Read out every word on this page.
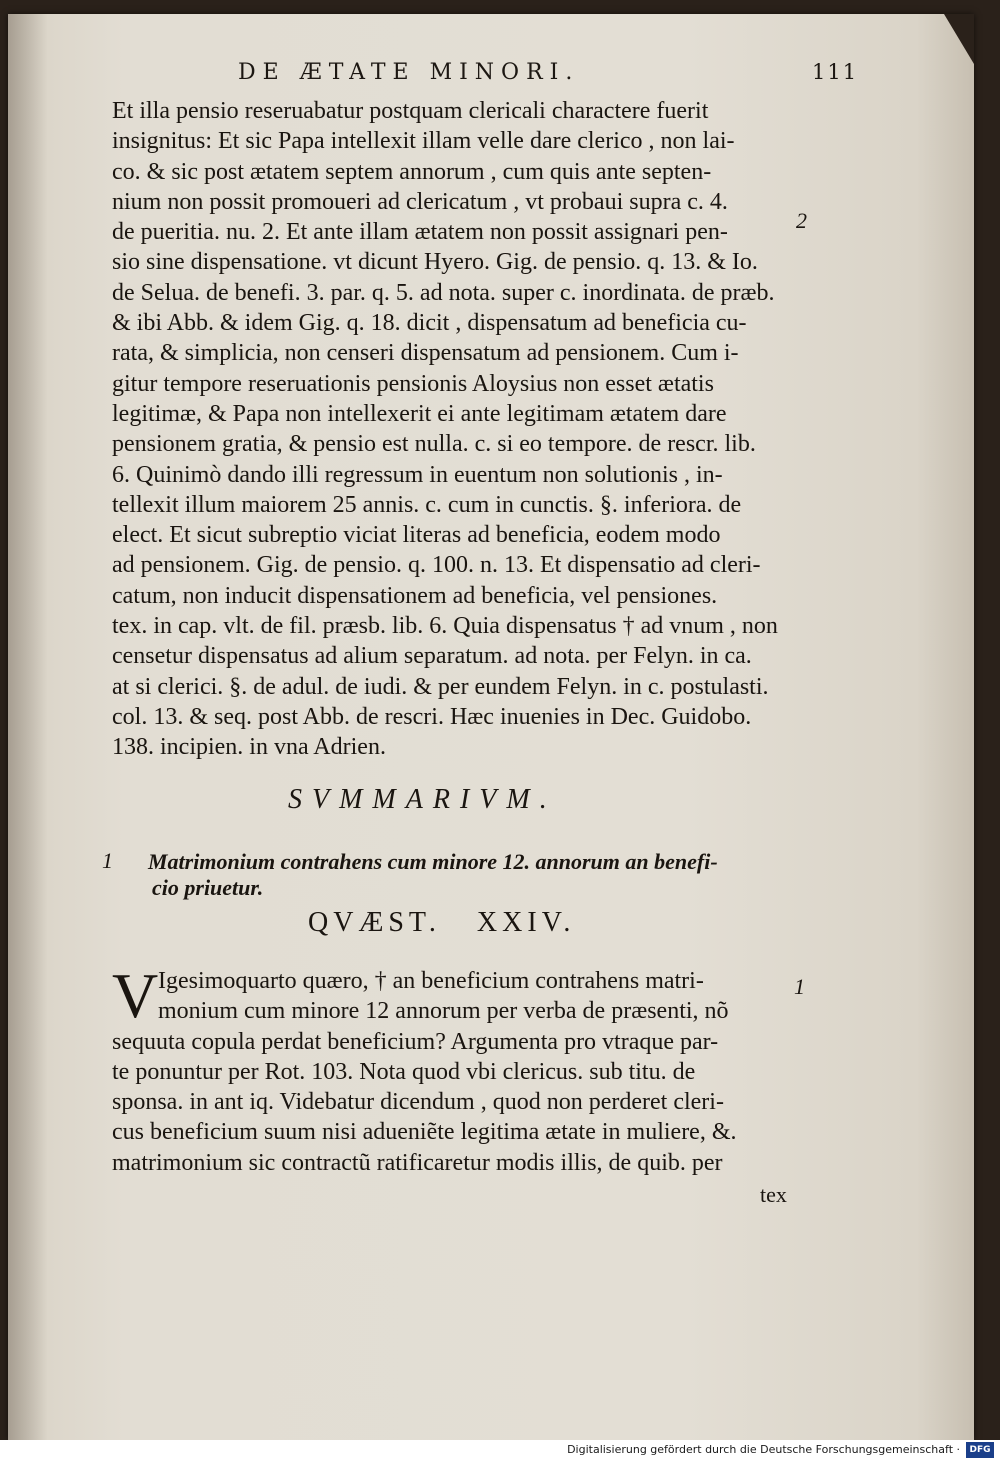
DE ÆTATE MINORI.	111
Et illa pensio reseruabatur postquam clericali charactere fuerit
insignitus: Et sic Papa intellexit illam velle dare clerico , non lai-
co. & sic post ætatem septem annorum , cum quis ante septen-
nium non possit promoueri ad clericatum , vt probaui supra c. 4.
de pueritia. nu. 2. Et ante illam ætatem non possit assignari pen-
sio sine dispensatione. vt dicunt Hyero. Gig. de pensio. q. 13. & Io.
de Selua. de benefi. 3. par. q. 5. ad nota. super c. inordinata. de præb.
& ibi Abb. & idem Gig. q. 18. dicit , dispensatum ad beneficia cu-
rata, & simplicia, non censeri dispensatum ad pensionem. Cum i-
gitur tempore reseruationis pensionis Aloysius non esset ætatis
legitimæ, & Papa non intellexerit ei ante legitimam ætatem dare
pensionem gratia, & pensio est nulla. c. si eo tempore. de rescr. lib.
6. Quinimò dando illi regressum in euentum non solutionis , in-
tellexit illum maiorem 25 annis. c. cum in cunctis. §. inferiora. de
elect. Et sicut subreptio viciat literas ad beneficia, eodem modo
ad pensionem. Gig. de pensio. q. 100. n. 13. Et dispensatio ad cleri-
catum, non inducit dispensationem ad beneficia, vel pensiones.
tex. in cap. vlt. de fil. præsb. lib. 6. Quia dispensatus † ad vnum , non
censetur dispensatus ad alium separatum. ad nota. per Felyn. in ca.
at si clerici. §. de adul. de iudi. & per eundem Felyn. in c. postulasti.
col. 13. & seq. post Abb. de rescri. Hæc inuenies in Dec. Guidobo.
138. incipien. in vna Adrien.
2
SVMMARIVM.
1 Matrimonium contrahens cum minore 12. annorum an benefi-
cio priuetur.
QVÆST.   XXIV.
V Igesimoquarto quæro, † an beneficium contrahens matri-
monium cum minore 12 annorum per verba de præsenti, nõ
sequuta copula perdat beneficium? Argumenta pro vtraque par-
te ponuntur per Rot. 103. Nota quod vbi clericus. sub titu. de
sponsa. in ant iq. Videbatur dicendum , quod non perderet cleri-
cus beneficium suum nisi adueniẽte legitima ætate in muliere, &.
matrimonium sic contractũ ratificaretur modis illis, de quib. per
1
tex
Digitalisierung gefördert durch die Deutsche Forschungsgemeinschaft ·	DFG
